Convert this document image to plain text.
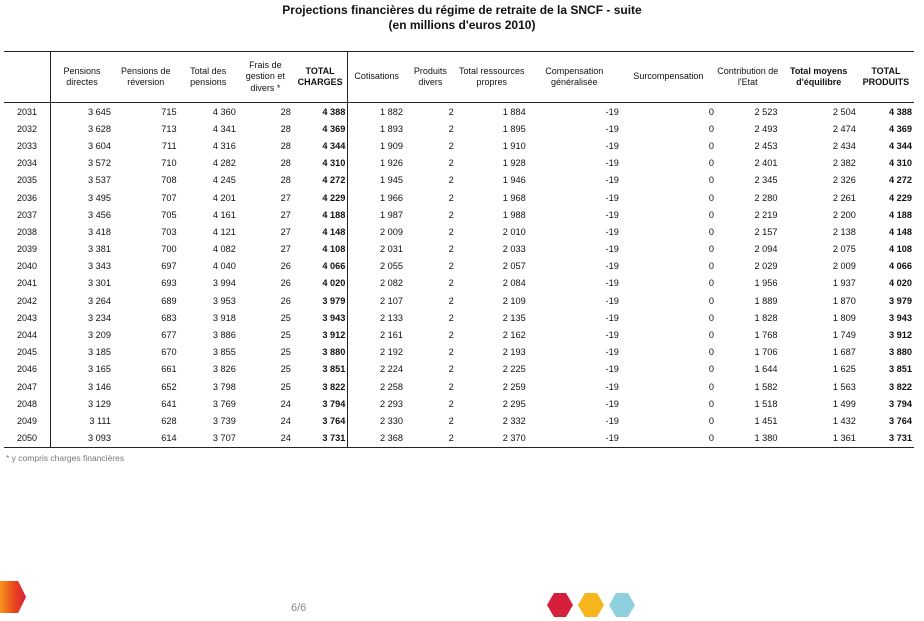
Projections financières du régime de retraite de la SNCF - suite
(en millions d'euros 2010)
	Pensions directes	Pensions de réversion	Total des pensions	Frais de gestion et divers *	TOTAL CHARGES	Cotisations	Produits divers	Total ressources propres	Compensation généralisée	Surcompensation	Contribution de l'Etat	Total moyens d'équilibre	TOTAL PRODUITS
2031	3 645	715	4 360	28	4 388	1 882	2	1 884	-19	0	2 523	2 504	4 388
2032	3 628	713	4 341	28	4 369	1 893	2	1 895	-19	0	2 493	2 474	4 369
2033	3 604	711	4 316	28	4 344	1 909	2	1 910	-19	0	2 453	2 434	4 344
2034	3 572	710	4 282	28	4 310	1 926	2	1 928	-19	0	2 401	2 382	4 310
2035	3 537	708	4 245	28	4 272	1 945	2	1 946	-19	0	2 345	2 326	4 272
2036	3 495	707	4 201	27	4 229	1 966	2	1 968	-19	0	2 280	2 261	4 229
2037	3 456	705	4 161	27	4 188	1 987	2	1 988	-19	0	2 219	2 200	4 188
2038	3 418	703	4 121	27	4 148	2 009	2	2 010	-19	0	2 157	2 138	4 148
2039	3 381	700	4 082	27	4 108	2 031	2	2 033	-19	0	2 094	2 075	4 108
2040	3 343	697	4 040	26	4 066	2 055	2	2 057	-19	0	2 029	2 009	4 066
2041	3 301	693	3 994	26	4 020	2 082	2	2 084	-19	0	1 956	1 937	4 020
2042	3 264	689	3 953	26	3 979	2 107	2	2 109	-19	0	1 889	1 870	3 979
2043	3 234	683	3 918	25	3 943	2 133	2	2 135	-19	0	1 828	1 809	3 943
2044	3 209	677	3 886	25	3 912	2 161	2	2 162	-19	0	1 768	1 749	3 912
2045	3 185	670	3 855	25	3 880	2 192	2	2 193	-19	0	1 706	1 687	3 880
2046	3 165	661	3 826	25	3 851	2 224	2	2 225	-19	0	1 644	1 625	3 851
2047	3 146	652	3 798	25	3 822	2 258	2	2 259	-19	0	1 582	1 563	3 822
2048	3 129	641	3 769	24	3 794	2 293	2	2 295	-19	0	1 518	1 499	3 794
2049	3 111	628	3 739	24	3 764	2 330	2	2 332	-19	0	1 451	1 432	3 764
2050	3 093	614	3 707	24	3 731	2 368	2	2 370	-19	0	1 380	1 361	3 731
* y compris charges financières
6/6
